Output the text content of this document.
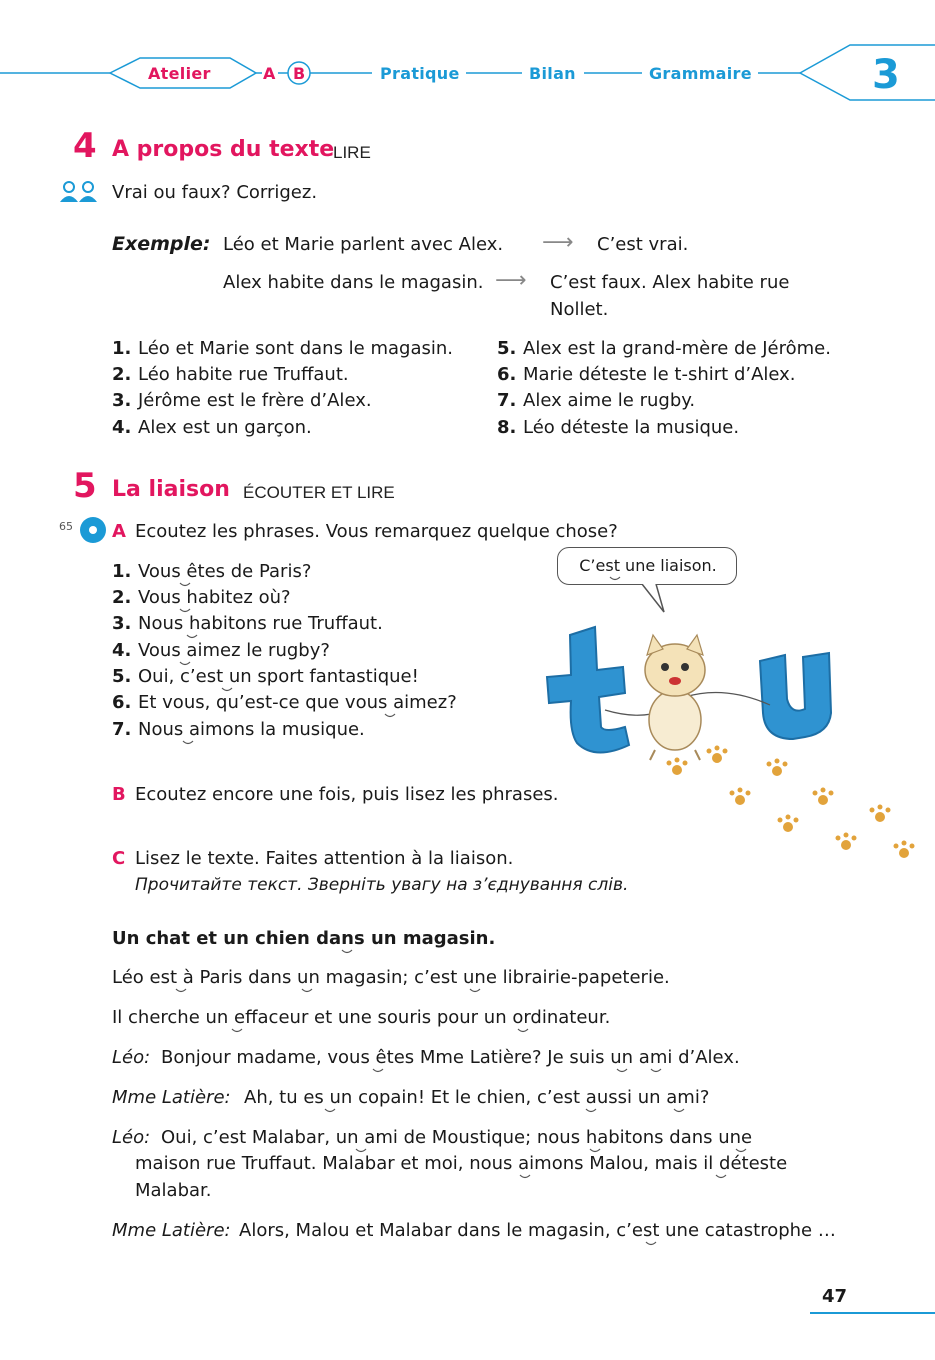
Atelier	A B	Pratique	Bilan	Grammaire	3
4 A propos du texte
LIRE
Vrai ou faux? Corrigez.
Exemple: Léo et Marie parlent avec Alex. ⟶ C’est vrai.
Alex habite dans le magasin. ⟶ C’est faux. Alex habite rue
Nollet.
1. Léo et Marie sont dans le magasin.
2. Léo habite rue Truffaut.
3. Jérôme est le frère d’Alex.
4. Alex est un garçon.
5. Alex est la grand-mère de Jérôme.
6. Marie déteste le t-shirt d’Alex.
7. Alex aime le rugby.
8. Léo déteste la musique.
5 La liaison ÉCOUTER ET LIRE
65 A Ecoutez les phrases. Vous remarquez quelque chose?
C’est une liaison.
1. Vous êtes de Paris?
2. Vous habitez où?
3. Nous habitons rue Truffaut.
4. Vous aimez le rugby?
5. Oui, c’est un sport fantastique!
6. Et vous, qu’est-ce que vous aimez?
7. Nous aimons la musique.
B Ecoutez encore une fois, puis lisez les phrases.
C Lisez le texte. Faites attention à la liaison.
Прочитайте текст. Зверніть увагу на з’єднування слів.
Un chat et un chien dans un magasin.
Léo est à Paris dans un magasin; c’est une librairie-papeterie.
Il cherche un effaceur et une souris pour un ordinateur.
Léo: Bonjour madame, vous êtes Mme Latière? Je suis un ami d’Alex.
Mme Latière: Ah, tu es un copain! Et le chien, c’est aussi un ami?
Léo: Oui, c’est Malabar, un ami de Moustique; nous habitons dans une
maison rue Truffaut. Malabar et moi, nous aimons Malou, mais il déteste
Malabar.
Mme Latière: Alors, Malou et Malabar dans le magasin, c’est une catastrophe …
47
